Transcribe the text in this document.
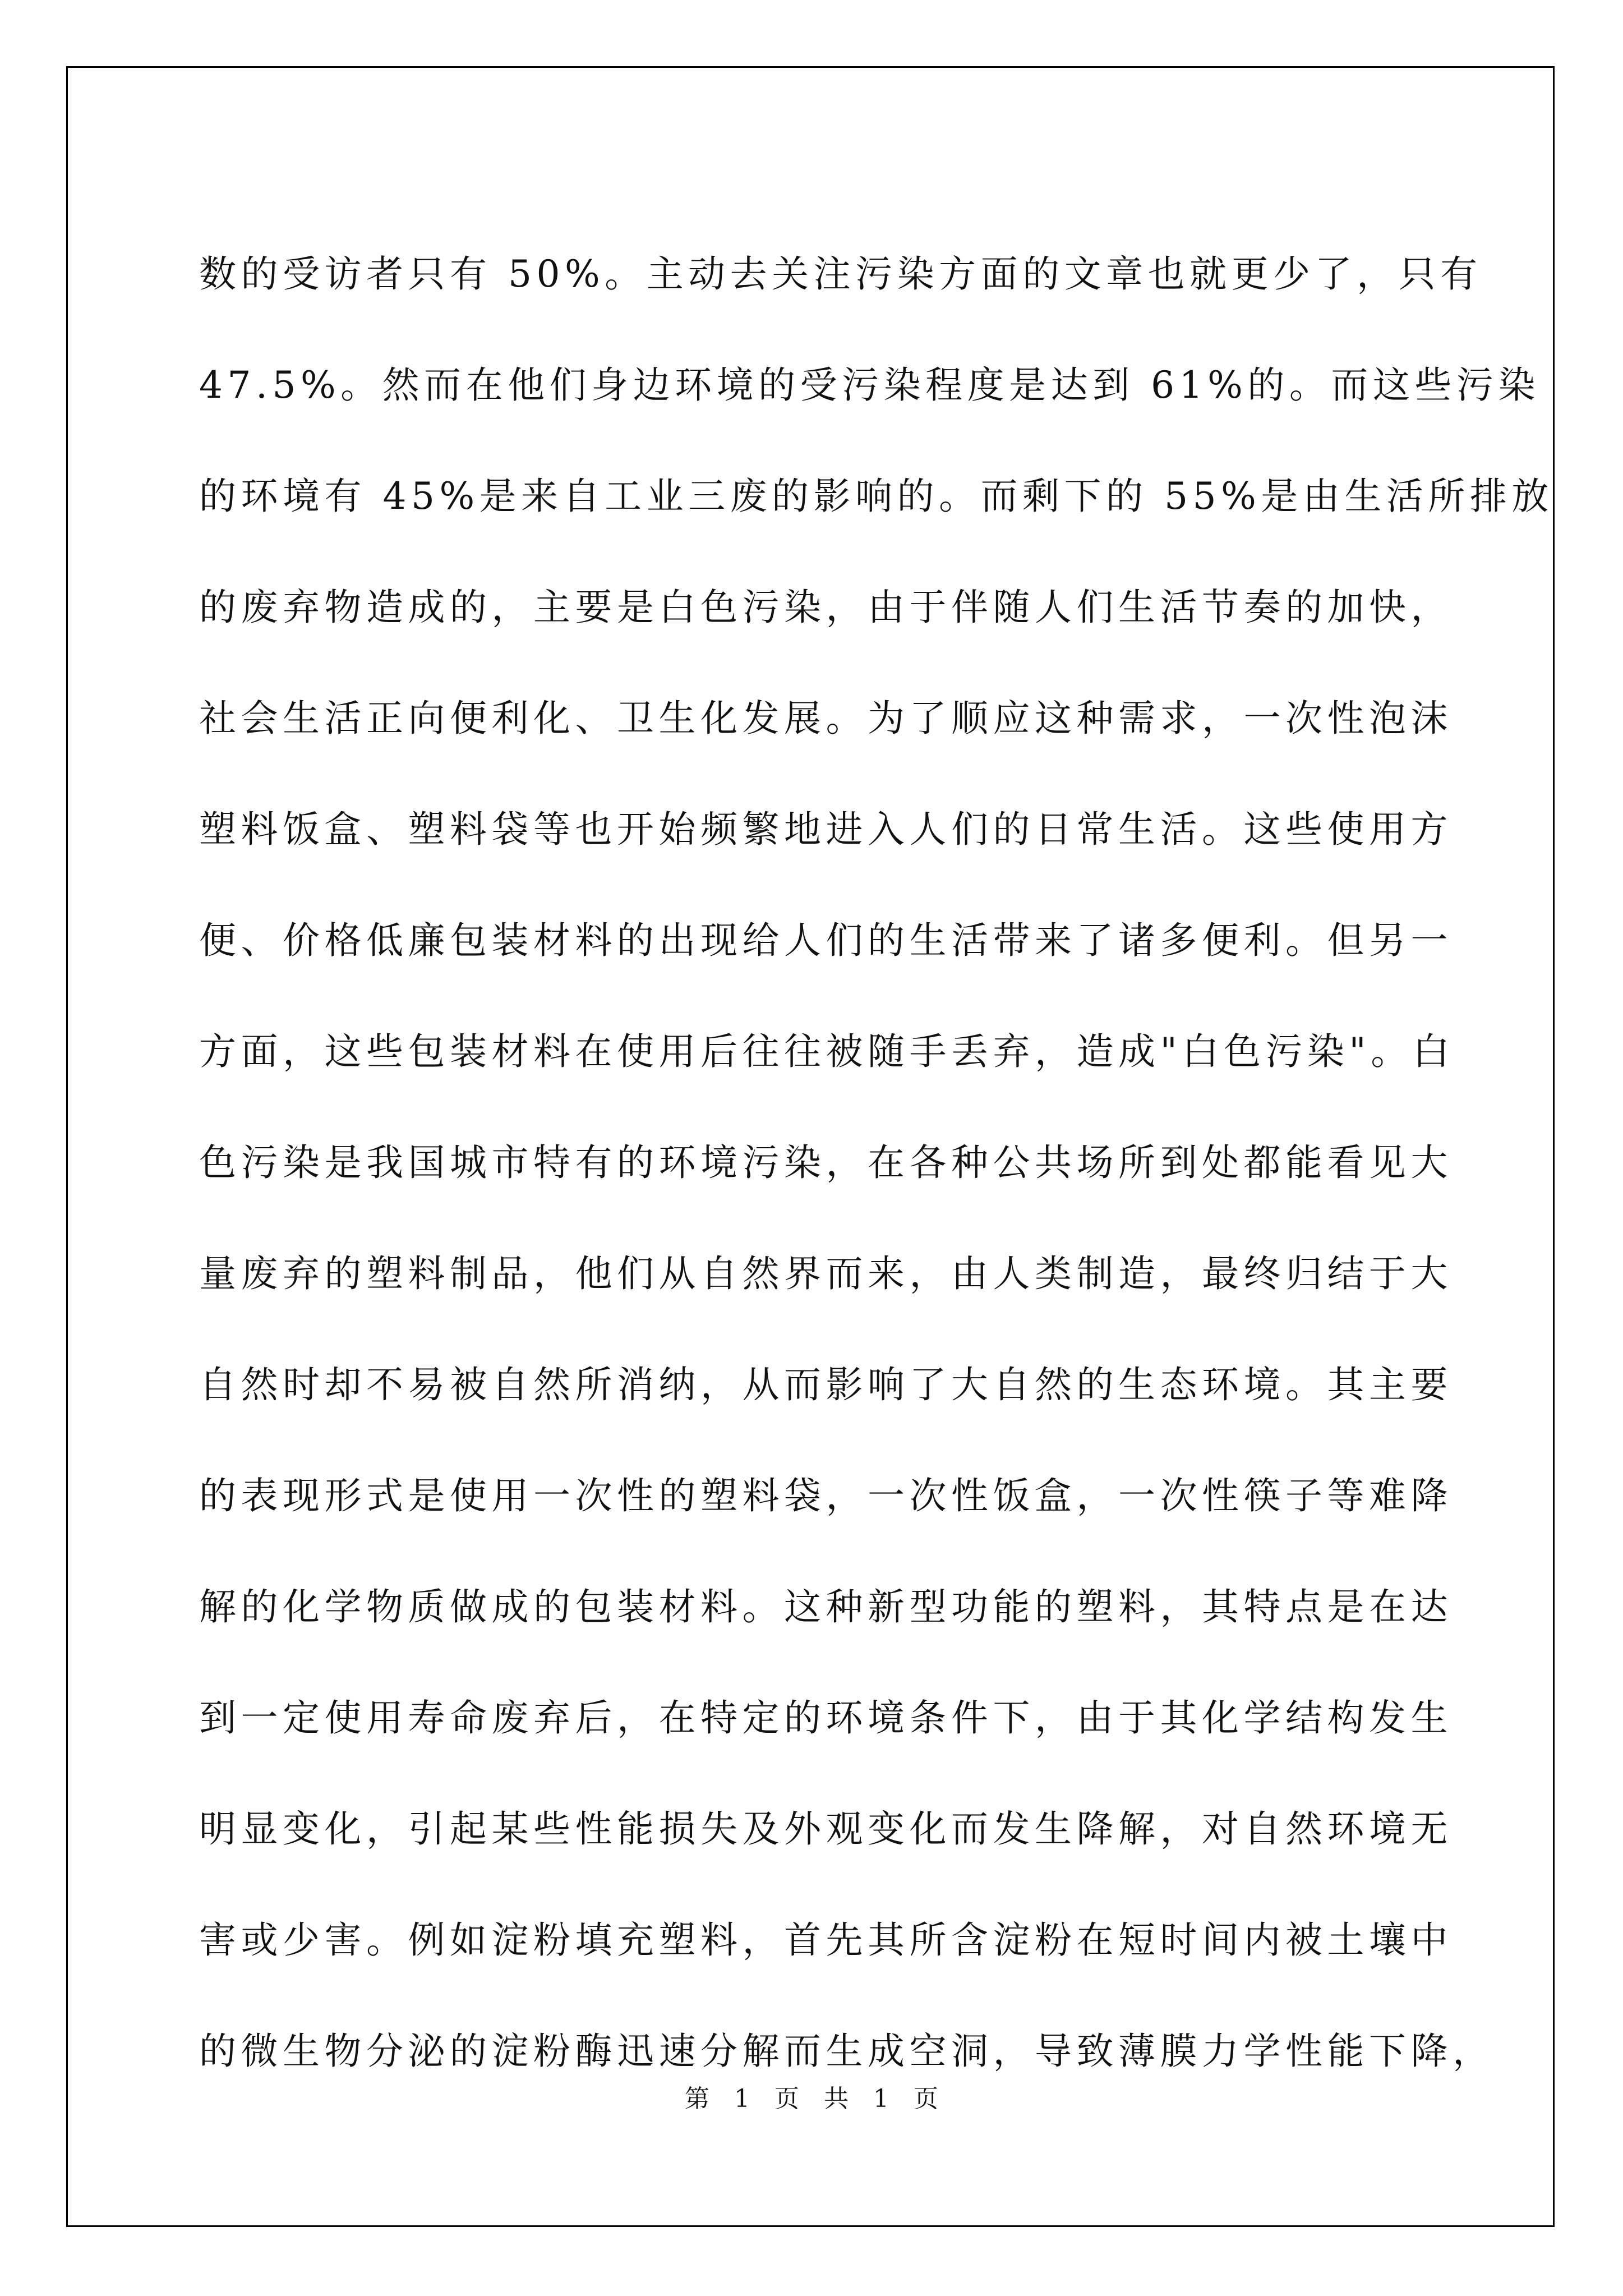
数的受访者只有 50%。主动去关注污染方面的文章也就更少了，只有
47.5%。然而在他们身边环境的受污染程度是达到 61%的。而这些污染
的环境有 45%是来自工业三废的影响的。而剩下的 55%是由生活所排放
的废弃物造成的，主要是白色污染，由于伴随人们生活节奏的加快，
社会生活正向便利化、卫生化发展。为了顺应这种需求，一次性泡沫
塑料饭盒、塑料袋等也开始频繁地进入人们的日常生活。这些使用方
便、价格低廉包装材料的出现给人们的生活带来了诸多便利。但另一
方面，这些包装材料在使用后往往被随手丢弃，造成"白色污染"。白
色污染是我国城市特有的环境污染，在各种公共场所到处都能看见大
量废弃的塑料制品，他们从自然界而来，由人类制造，最终归结于大
自然时却不易被自然所消纳，从而影响了大自然的生态环境。其主要
的表现形式是使用一次性的塑料袋，一次性饭盒，一次性筷子等难降
解的化学物质做成的包装材料。这种新型功能的塑料，其特点是在达
到一定使用寿命废弃后，在特定的环境条件下，由于其化学结构发生
明显变化，引起某些性能损失及外观变化而发生降解，对自然环境无
害或少害。例如淀粉填充塑料，首先其所含淀粉在短时间内被土壤中
的微生物分泌的淀粉酶迅速分解而生成空洞，导致薄膜力学性能下降，
第 1 页　共 1 页
